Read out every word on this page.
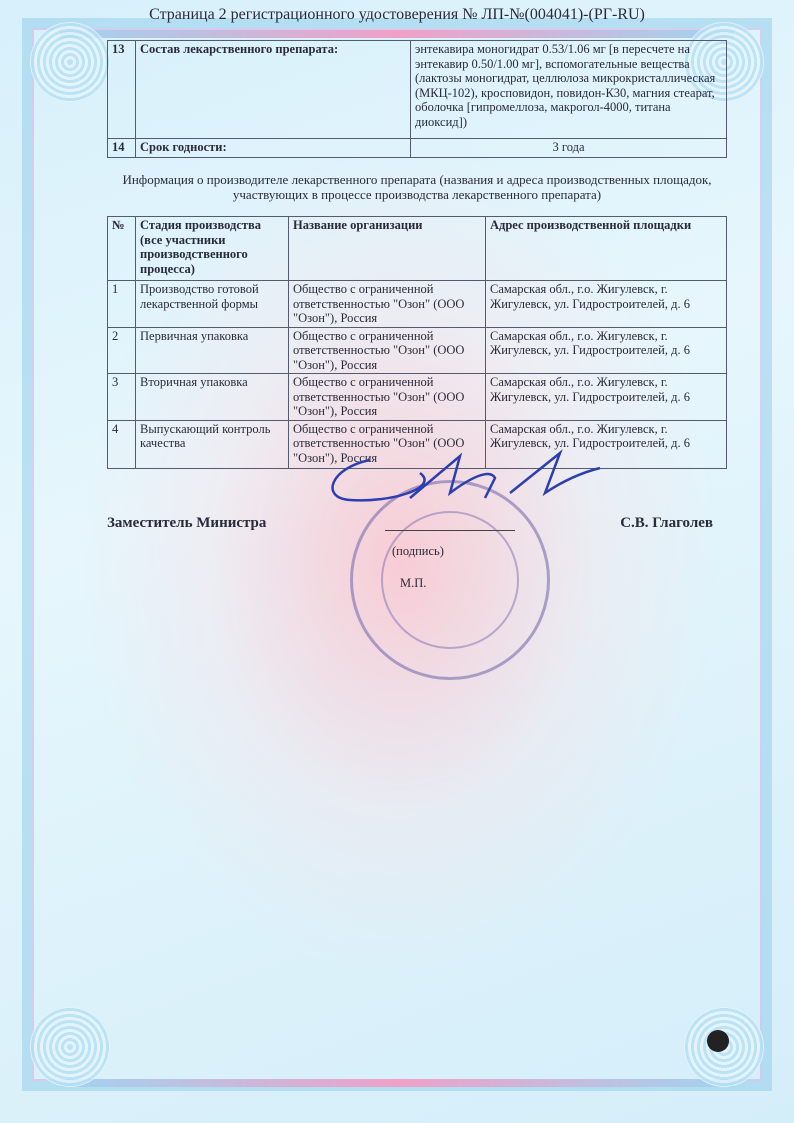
Страница 2 регистрационного удостоверения № ЛП-№(004041)-(РГ-RU)
13	Состав лекарственного препарата:	энтекавира моногидрат 0.53/1.06 мг [в пересчете на энтекавир 0.50/1.00 мг], вспомогательные вещества (лактозы моногидрат, целлюлоза микрокристаллическая (МКЦ-102), кросповидон, повидон-К30, магния стеарат, оболочка [гипромеллоза, макрогол-4000, титана диоксид])
14	Срок годности:	3 года
Информация о производителе лекарственного препарата (названия и адреса производственных площадок, участвующих в процессе производства лекарственного препарата)
№	Стадия производства (все участники производственного процесса)	Название организации	Адрес производственной площадки
1	Производство готовой лекарственной формы	Общество с ограниченной ответственностью "Озон" (ООО "Озон"), Россия	Самарская обл., г.о. Жигулевск, г. Жигулевск, ул. Гидростроителей, д. 6
2	Первичная упаковка	Общество с ограниченной ответственностью "Озон" (ООО "Озон"), Россия	Самарская обл., г.о. Жигулевск, г. Жигулевск, ул. Гидростроителей, д. 6
3	Вторичная упаковка	Общество с ограниченной ответственностью "Озон" (ООО "Озон"), Россия	Самарская обл., г.о. Жигулевск, г. Жигулевск, ул. Гидростроителей, д. 6
4	Выпускающий контроль качества	Общество с ограниченной ответственностью "Озон" (ООО "Озон"), Россия	Самарская обл., г.о. Жигулевск, г. Жигулевск, ул. Гидростроителей, д. 6
Заместитель Министра	С.В. Глаголев
(подпись)
М.П.
